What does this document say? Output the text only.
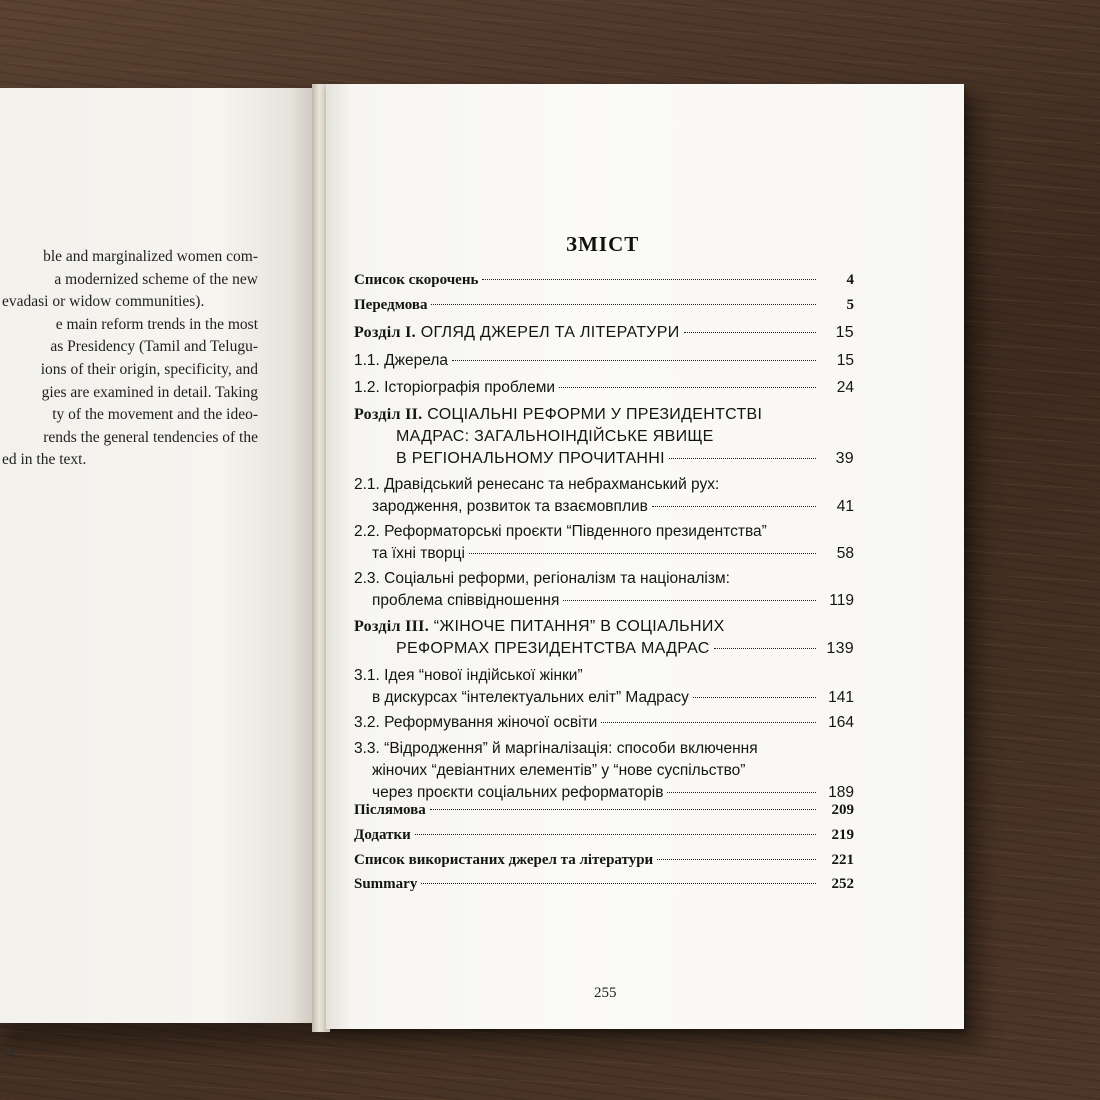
ble and marginalized women com-
a modernized scheme of the new
evadasi or widow communities).
e main reform trends in the most
as Presidency (Tamil and Telugu-
ions of their origin, specificity, and
gies are examined in detail. Taking
ty of the movement and the ideo-
rends the general tendencies of the
ed in the text.
54
ЗМІСТ
Список скорочень	4
Передмова	5
Розділ І. ОГЛЯД ДЖЕРЕЛ ТА ЛІТЕРАТУРИ	15
1.1. Джерела	15
1.2. Історіографія проблеми	24
Розділ ІІ. СОЦІАЛЬНІ РЕФОРМИ У ПРЕЗИДЕНТСТВІ
МАДРАС: ЗАГАЛЬНОІНДІЙСЬКЕ ЯВИЩЕ
В РЕГІОНАЛЬНОМУ ПРОЧИТАННІ	39
2.1. Дравідський ренесанс та небрахманський рух:
зародження, розвиток та взаємовплив	41
2.2. Реформаторські проєкти “Південного президентства”
та їхні творці	58
2.3. Соціальні реформи, регіоналізм та націоналізм:
проблема співвідношення	119
Розділ ІІІ. “ЖІНОЧЕ ПИТАННЯ” В СОЦІАЛЬНИХ
РЕФОРМАХ ПРЕЗИДЕНТСТВА МАДРАС	139
3.1. Ідея “нової індійської жінки”
в дискурсах “інтелектуальних еліт” Мадрасу	141
3.2. Реформування жіночої освіти	164
3.3. “Відродження” й маргіналізація: способи включення
жіночих “девіантних елементів” у “нове суспільство”
через проєкти соціальних реформаторів	189
Післямова	209
Додатки	219
Список використаних джерел та літератури	221
Summary	252
255
